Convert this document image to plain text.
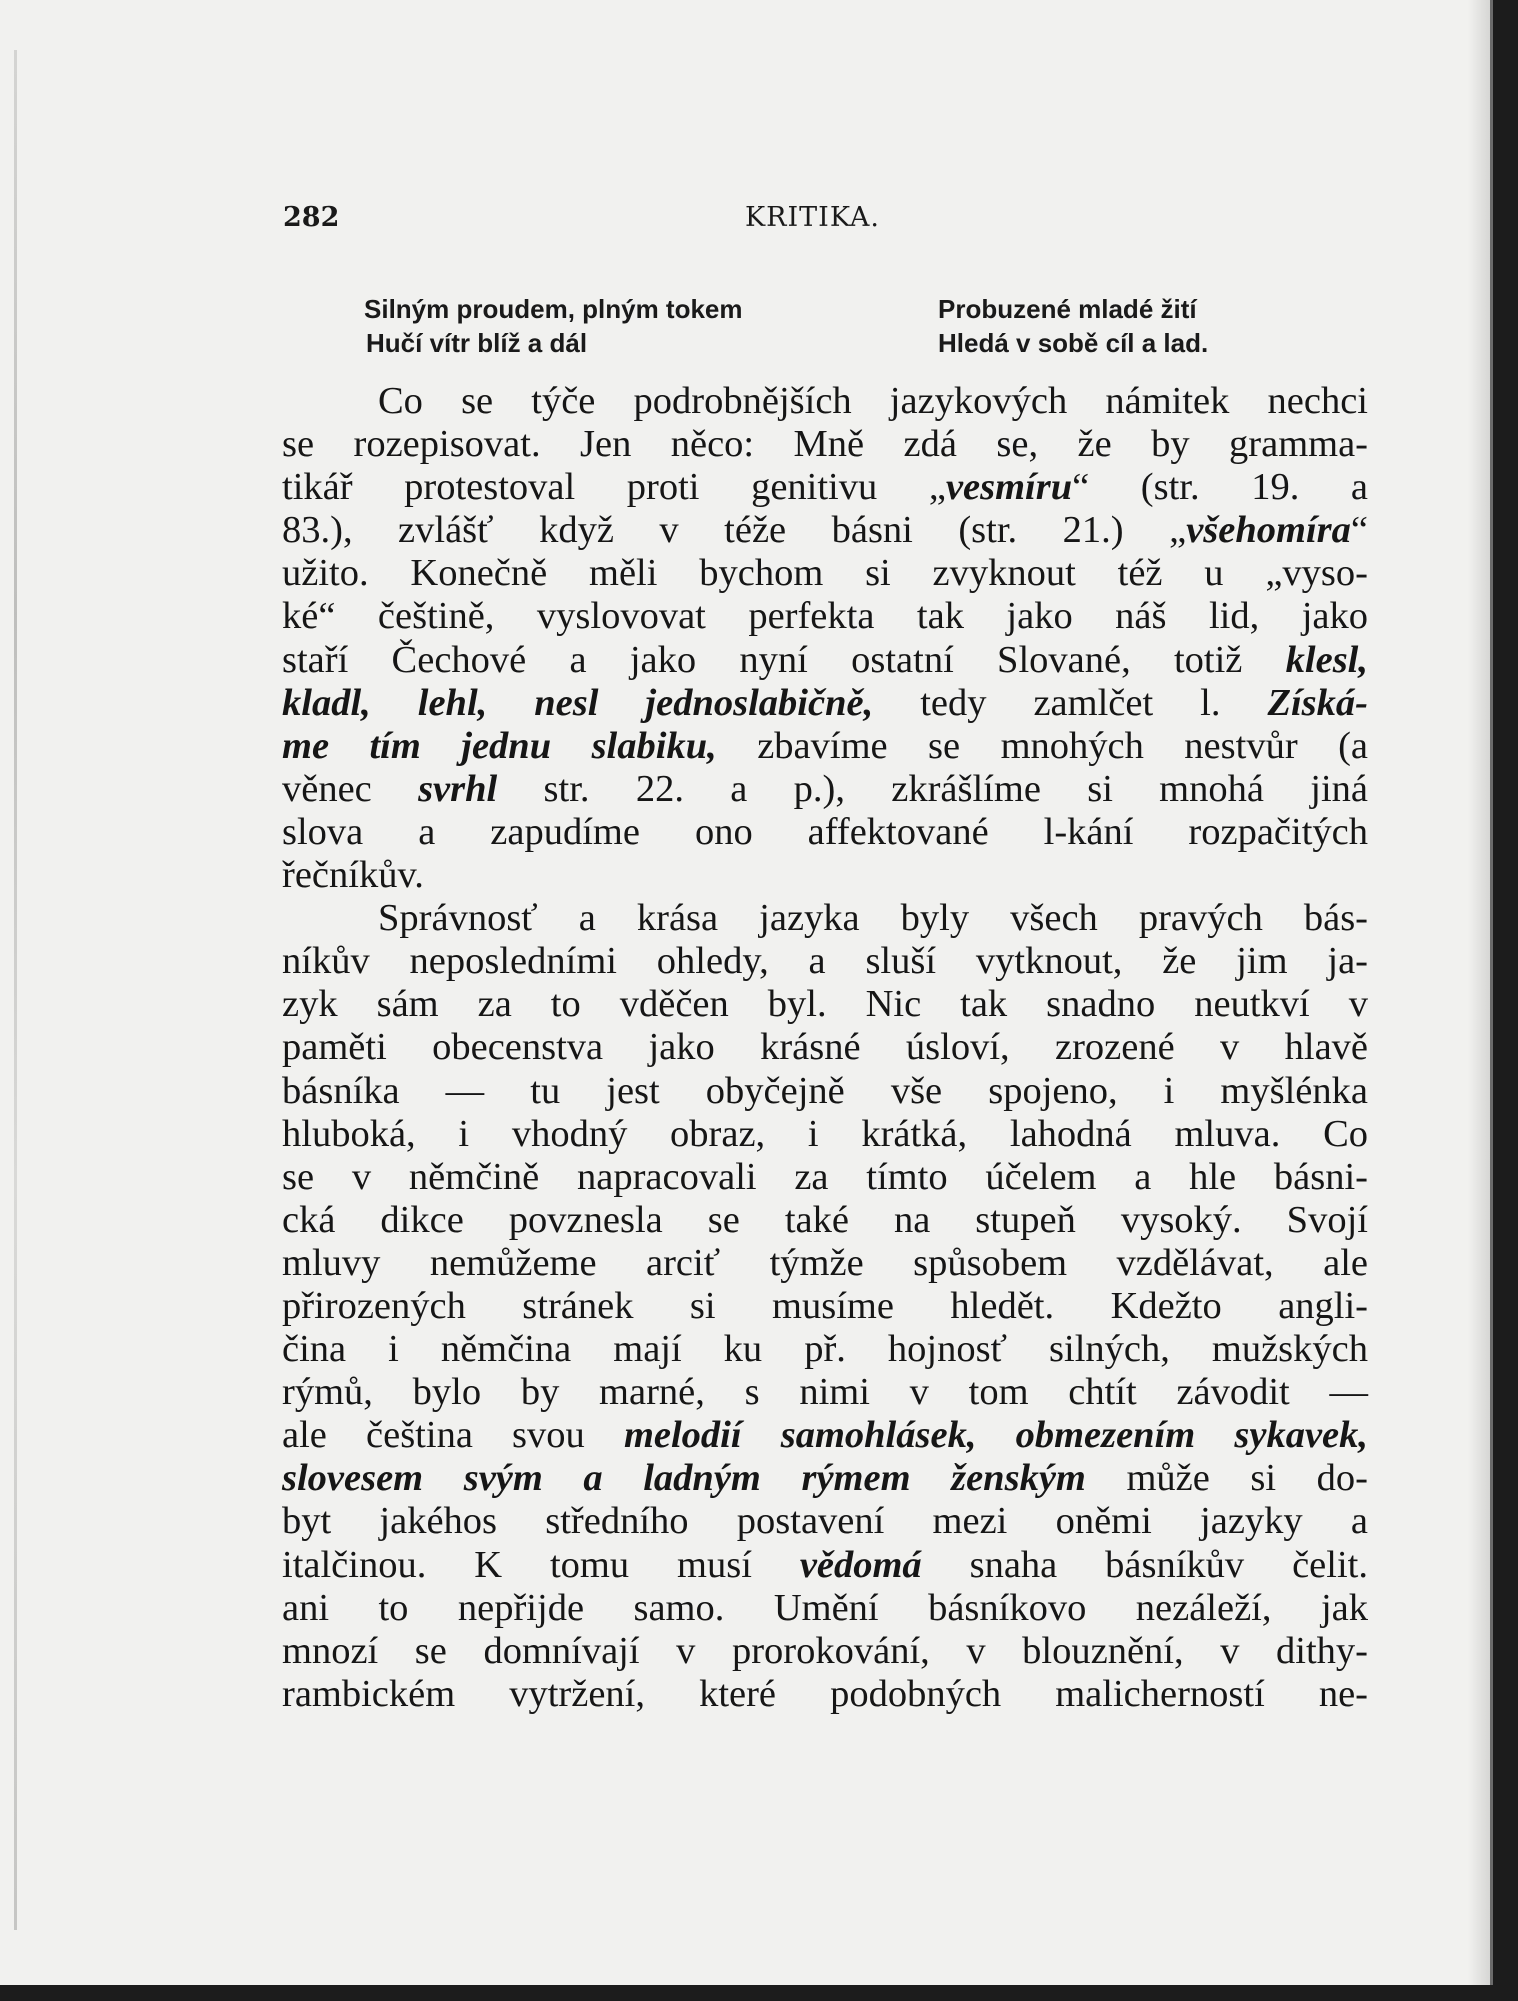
282	KRITIKA.
Silným proudem, plným tokem
Hučí vítr blíž a dál
Probuzené mladé žití
Hledá v sobě cíl a lad.
Co se týče podrobnějších jazykových námitek nechci
se rozepisovat. Jen něco: Mně zdá se, že by gramma-
tikář protestoval proti genitivu „vesmíru“ (str. 19. a
83.), zvlášť když v téže básni (str. 21.) „všehomíra“
užito. Konečně měli bychom si zvyknout též u „vyso-
ké“ češtině, vyslovovat perfekta tak jako náš lid, jako
staří Čechové a jako nyní ostatní Slované, totiž klesl,
kladl, lehl, nesl jednoslabičně, tedy zamlčet l. Získá-
me tím jednu slabiku, zbavíme se mnohých nestvůr (a
věnec svrhl str. 22. a p.), zkrášlíme si mnohá jiná
slova a zapudíme ono affektované l-kání rozpačitých
řečníkův.
Správnosť a krása jazyka byly všech pravých bás-
níkův neposledními ohledy, a sluší vytknout, že jim ja-
zyk sám za to vděčen byl. Nic tak snadno neutkví v
paměti obecenstva jako krásné úsloví, zrozené v hlavě
básníka — tu jest obyčejně vše spojeno, i myšlénka
hluboká, i vhodný obraz, i krátká, lahodná mluva. Co
se v němčině napracovali za tímto účelem a hle básni-
cká dikce povznesla se také na stupeň vysoký. Svojí
mluvy nemůžeme arciť týmže spůsobem vzdělávat, ale
přirozených stránek si musíme hledět. Kdežto angli-
čina i němčina mají ku př. hojnosť silných, mužských
rýmů, bylo by marné, s nimi v tom chtít závodit —
ale čeština svou melodií samohlásek, obmezením sykavek,
slovesem svým a ladným rýmem ženským může si do-
byt jakéhos středního postavení mezi oněmi jazyky a
italčinou. K tomu musí vědomá snaha básníkův čelit.
ani to nepřijde samo. Umění básníkovo nezáleží, jak
mnozí se domnívají v prorokování, v blouznění, v dithy-
rambickém vytržení, které podobných malicherností ne-
